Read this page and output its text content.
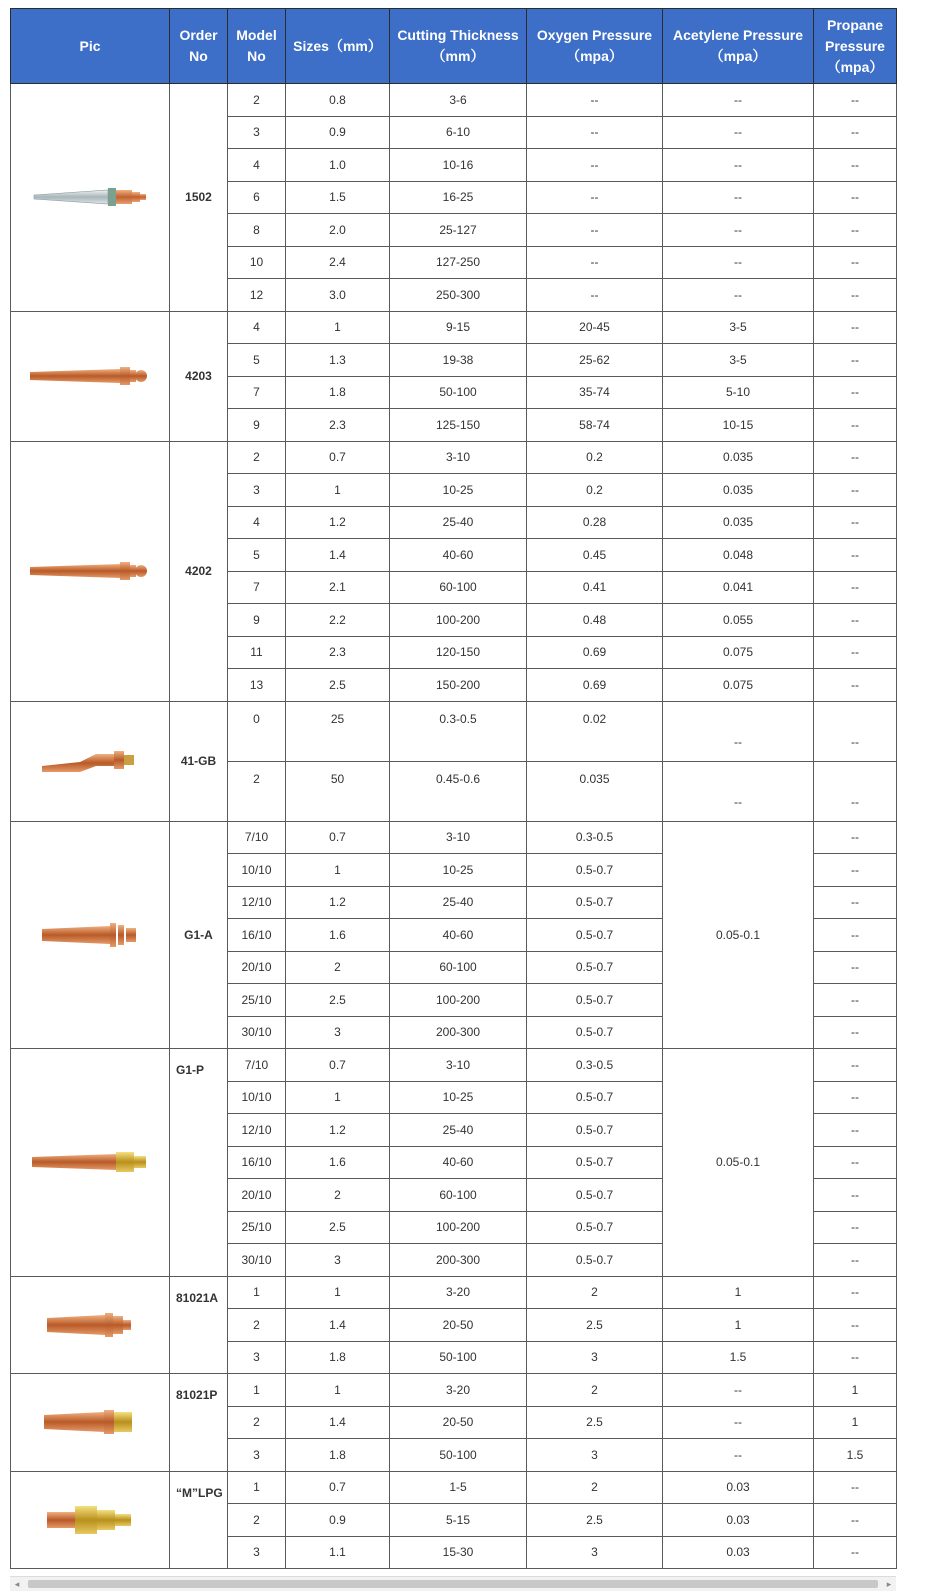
Pic	Order No	Model No	Sizes（mm）	Cutting Thickness（mm）	Oxygen Pressure（mpa）	Acetylene Pressure（mpa）	Propane Pressure（mpa）

	1502	2	0.8	3-6	--	--	--
		3	0.9	6-10	--	--	--
		4	1.0	10-16	--	--	--
		6	1.5	16-25	--	--	--
		8	2.0	25-127	--	--	--
		10	2.4	127-250	--	--	--
		12	3.0	250-300	--	--	--

	4203	4	1	9-15	20-45	3-5	--
		5	1.3	19-38	25-62	3-5	--
		7	1.8	50-100	35-74	5-10	--
		9	2.3	125-150	58-74	10-15	--

	4202	2	0.7	3-10	0.2	0.035	--
		3	1	10-25	0.2	0.035	--
		4	1.2	25-40	0.28	0.035	--
		5	1.4	40-60	0.45	0.048	--
		7	2.1	60-100	0.41	0.041	--
		9	2.2	100-200	0.48	0.055	--
		11	2.3	120-150	0.69	0.075	--
		13	2.5	150-200	0.69	0.075	--

	41-GB	0	25	0.3-0.5	0.02	--	--
		2	50	0.45-0.6	0.035	--	--

	G1-A	7/10	0.7	3-10	0.3-0.5	0.05-0.1	--
		10/10	1	10-25	0.5-0.7		--
		12/10	1.2	25-40	0.5-0.7		--
		16/10	1.6	40-60	0.5-0.7		--
		20/10	2	60-100	0.5-0.7		--
		25/10	2.5	100-200	0.5-0.7		--
		30/10	3	200-300	0.5-0.7		--

	G1-P	7/10	0.7	3-10	0.3-0.5	0.05-0.1	--
		10/10	1	10-25	0.5-0.7		--
		12/10	1.2	25-40	0.5-0.7		--
		16/10	1.6	40-60	0.5-0.7		--
		20/10	2	60-100	0.5-0.7		--
		25/10	2.5	100-200	0.5-0.7		--
		30/10	3	200-300	0.5-0.7		--

	81021A	1	1	3-20	2	1	--
		2	1.4	20-50	2.5	1	--
		3	1.8	50-100	3	1.5	--

	81021P	1	1	3-20	2	--	1
		2	1.4	20-50	2.5	--	1
		3	1.8	50-100	3	--	1.5

	“M”LPG	1	0.7	1-5	2	0.03	--
		2	0.9	5-15	2.5	0.03	--
		3	1.1	15-30	3	0.03	--
◂	▸
